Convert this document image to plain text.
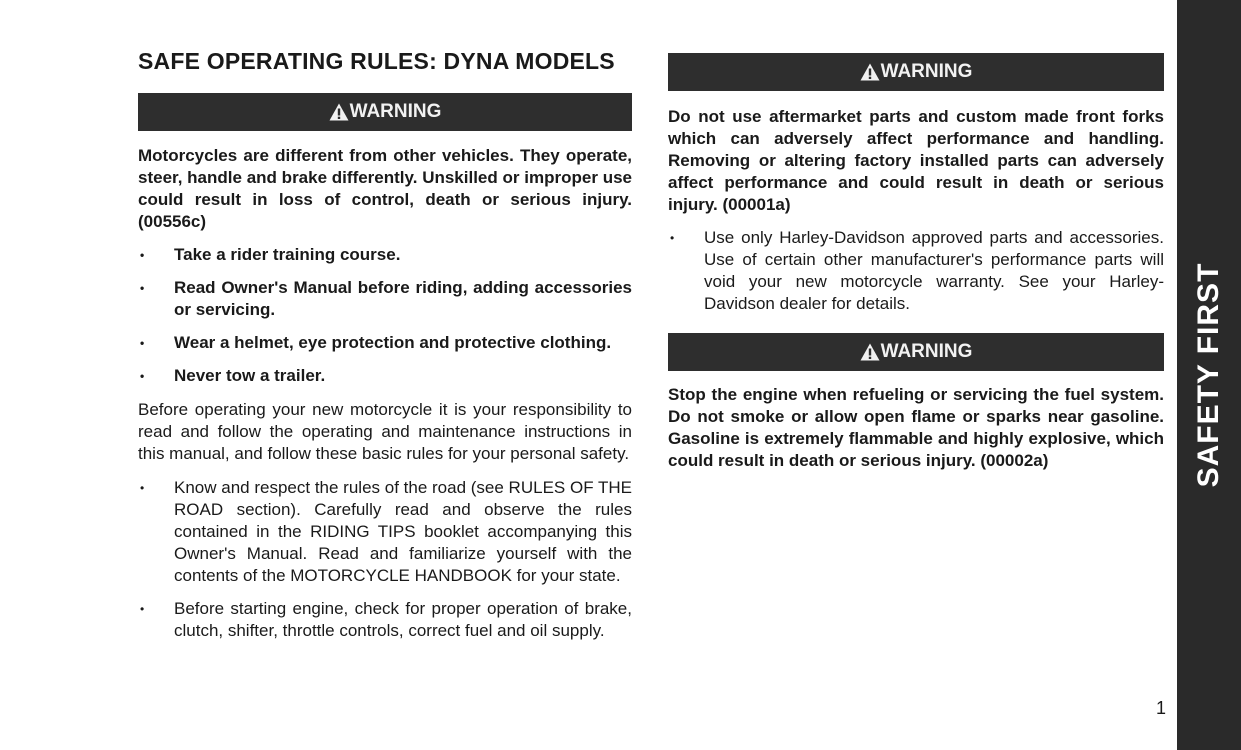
SAFE OPERATING RULES: DYNA MODELS
WARNING

Motorcycles are different from other vehicles. They operate, steer, handle and brake differently. Unskilled or improper use could result in loss of control, death or serious injury. (00556c)

• Take a rider training course.
• Read Owner's Manual before riding, adding accessories or servicing.
• Wear a helmet, eye protection and protective clothing.
• Never tow a trailer.

Before operating your new motorcycle it is your responsibility to read and follow the operating and maintenance instructions in this manual, and follow these basic rules for your personal safety.

• Know and respect the rules of the road (see RULES OF THE ROAD section). Carefully read and observe the rules contained in the RIDING TIPS booklet accompanying this Owner's Manual. Read and familiarize yourself with the contents of the MOTORCYCLE HANDBOOK for your state.
• Before starting engine, check for proper operation of brake, clutch, shifter, throttle controls, correct fuel and oil supply.
WARNING

Do not use aftermarket parts and custom made front forks which can adversely affect performance and handling. Removing or altering factory installed parts can adversely affect performance and could result in death or serious injury. (00001a)

• Use only Harley-Davidson approved parts and accessories. Use of certain other manufacturer's performance parts will void your new motorcycle warranty. See your Harley-Davidson dealer for details.
WARNING

Stop the engine when refueling or servicing the fuel system. Do not smoke or allow open flame or sparks near gasoline. Gasoline is extremely flammable and highly explosive, which could result in death or serious injury. (00002a)	SAFETY FIRST
1
